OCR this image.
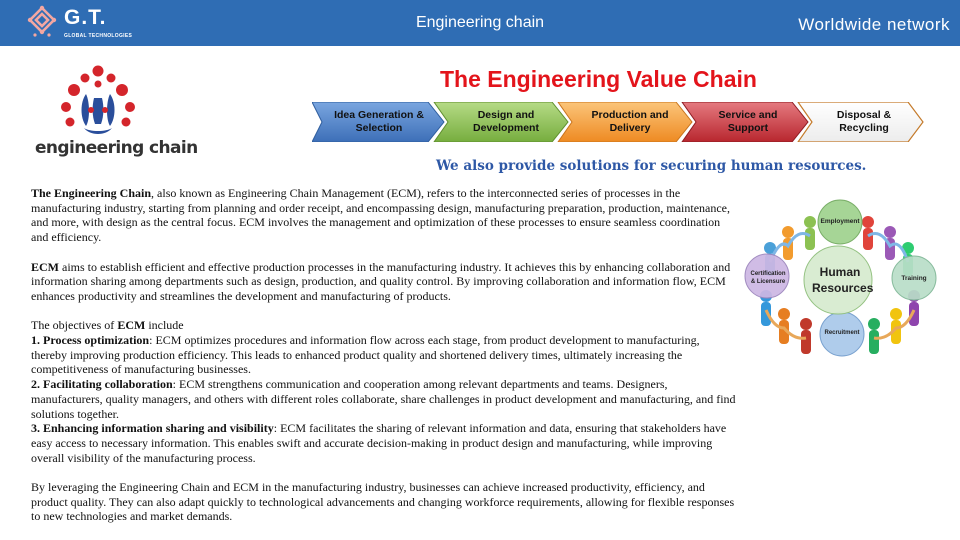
G.T.
GLOBAL TECHNOLOGIES
Engineering chain	Worldwide network
engineering chain
The Engineering Value Chain
Idea Generation & Selection
Design and Development
Production and Delivery
Service and Support
Disposal & Recycling
We also provide solutions for securing human resources.

The Engineering Chain, also known as Engineering Chain Management (ECM), refers to the interconnected series of processes in the manufacturing industry, starting from planning and order receipt, and encompassing design, manufacturing preparation, production, maintenance, and more, with design as the central focus. ECM involves the management and optimization of these processes to ensure seamless coordination and efficiency.

ECM aims to establish efficient and effective production processes in the manufacturing industry. It achieves this by enhancing collaboration and information sharing among departments such as design, production, and quality control. By improving collaboration and information flow, ECM enhances productivity and streamlines the development and manufacturing of products.

The objectives of ECM include

1. Process optimization: ECM optimizes procedures and information flow across each stage, from product development to manufacturing, thereby improving production efficiency. This leads to enhanced product quality and shortened delivery times, ultimately increasing the competitiveness of manufacturing businesses.

2. Facilitating collaboration: ECM strengthens communication and cooperation among relevant departments and teams. Designers, manufacturers, quality managers, and others with different roles collaborate, share challenges in product development and manufacturing, and find solutions together.

3. Enhancing information sharing and visibility: ECM facilitates the sharing of relevant information and data, ensuring that stakeholders have easy access to necessary information. This enables swift and accurate decision-making in product design and manufacturing, while improving overall visibility of the manufacturing process.

By leveraging the Engineering Chain and ECM in the manufacturing industry, businesses can achieve increased productivity, efficiency, and product quality. They can also adapt quickly to technological advancements and changing workforce requirements, allowing for flexible responses to new technologies and market demands.

Human Resources
Employment
Certification & Licensure	Training
Recruitment
